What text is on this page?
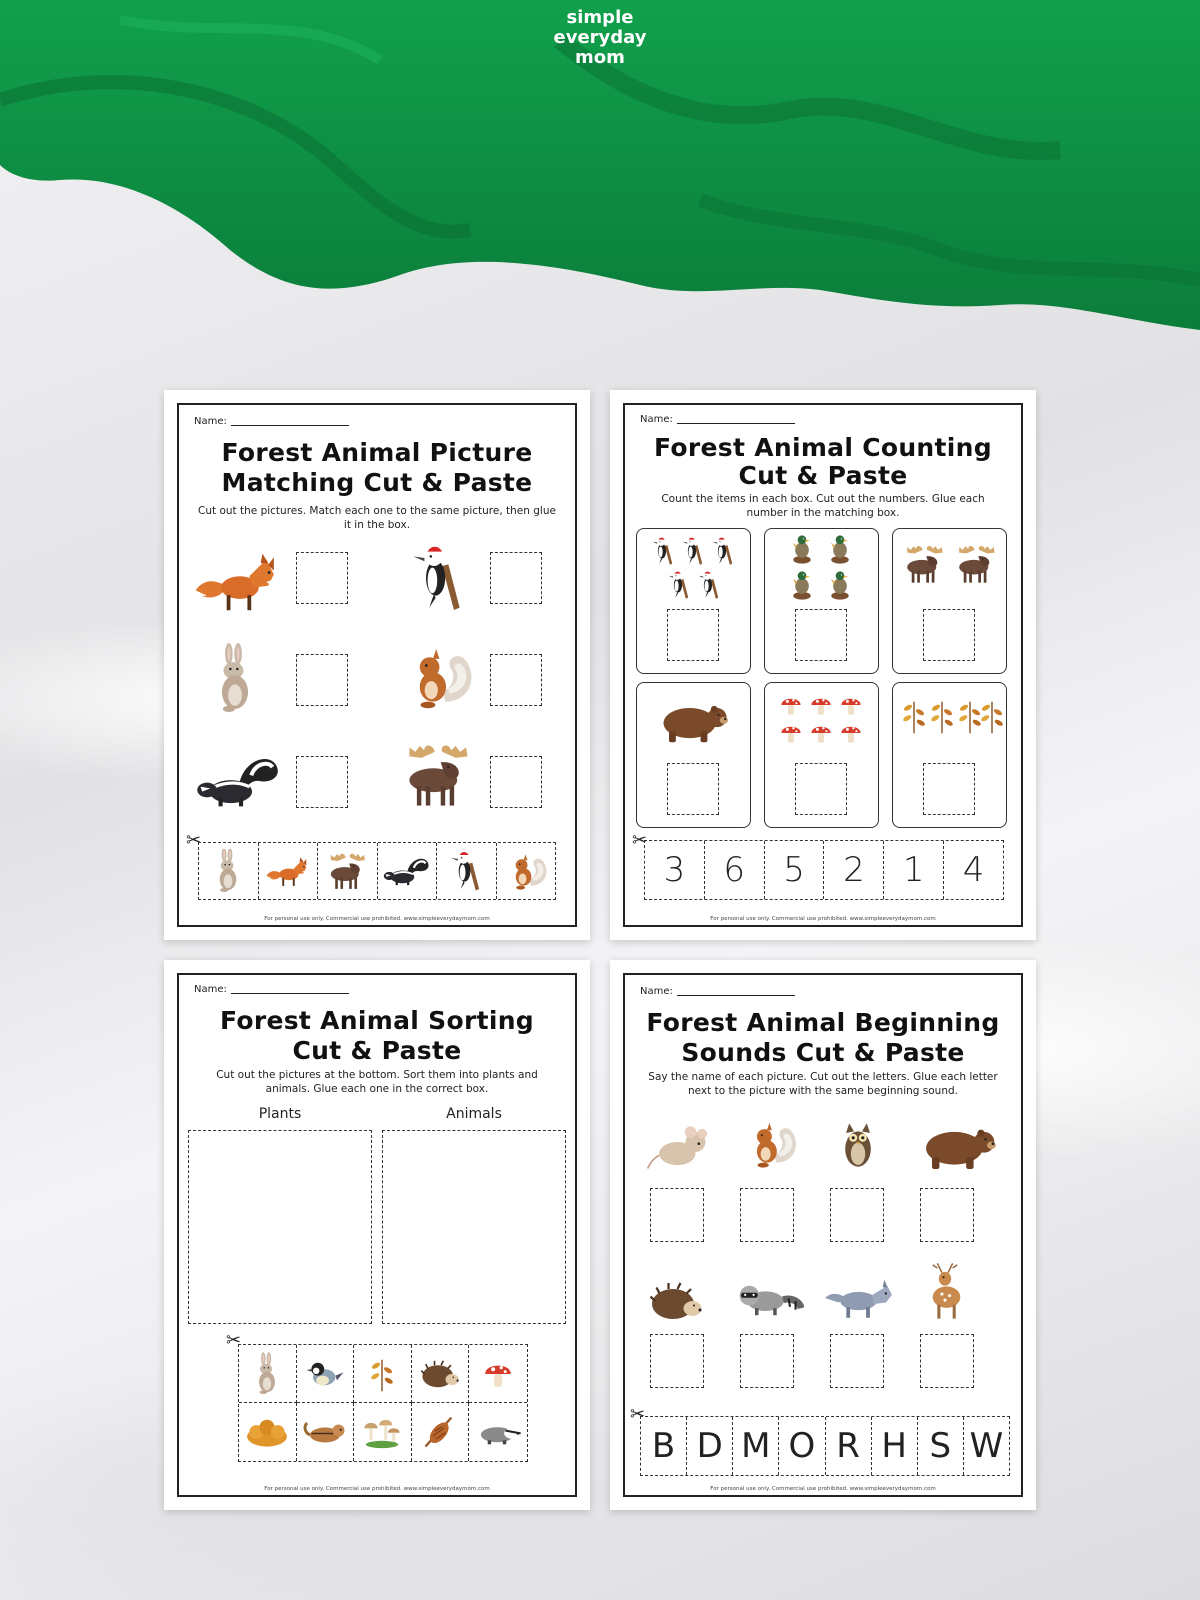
simple
everyday
mom
Name:
Forest Animal Picture
Matching Cut & Paste
Cut out the pictures. Match each one to the same picture, then glue
it in the box.
✂
For personal use only. Commercial use prohibited. www.simpleeverydaymom.com
Name:
Forest Animal Counting
Cut & Paste
Count the items in each box. Cut out the numbers. Glue each
number in the matching box.
✂
3 6 5 2 1 4
For personal use only. Commercial use prohibited. www.simpleeverydaymom.com
Name:
Forest Animal Sorting
Cut & Paste
Cut out the pictures at the bottom. Sort them into plants and
animals. Glue each one in the correct box.
Plants	Animals
✂
For personal use only. Commercial use prohibited. www.simpleeverydaymom.com
Name:
Forest Animal Beginning
Sounds Cut & Paste
Say the name of each picture. Cut out the letters. Glue each letter
next to the picture with the same beginning sound.
✂
B D M O R H S W
For personal use only. Commercial use prohibited. www.simpleeverydaymom.com
